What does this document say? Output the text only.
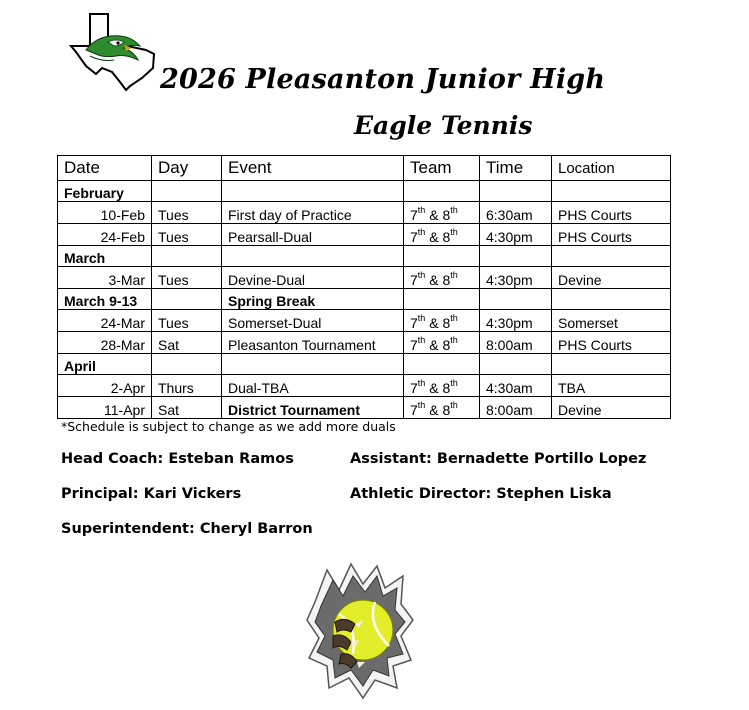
2026 Pleasanton Junior High
Eagle Tennis
Date	Day	Event	Team	Time	Location
February					
10-Feb	Tues	First day of Practice	7th & 8th	6:30am	PHS Courts
24-Feb	Tues	Pearsall-Dual	7th & 8th	4:30pm	PHS Courts
March					
3-Mar	Tues	Devine-Dual	7th & 8th	4:30pm	Devine
March 9-13		Spring Break			
24-Mar	Tues	Somerset-Dual	7th & 8th	4:30pm	Somerset
28-Mar	Sat	Pleasanton Tournament	7th & 8th	8:00am	PHS Courts
April					
2-Apr	Thurs	Dual-TBA	7th & 8th	4:30am	TBA
11-Apr	Sat	District Tournament	7th & 8th	8:00am	Devine
*Schedule is subject to change as we add more duals
Head Coach: Esteban Ramos	Assistant: Bernadette Portillo Lopez
Principal: Kari Vickers	Athletic Director: Stephen Liska
Superintendent: Cheryl Barron
